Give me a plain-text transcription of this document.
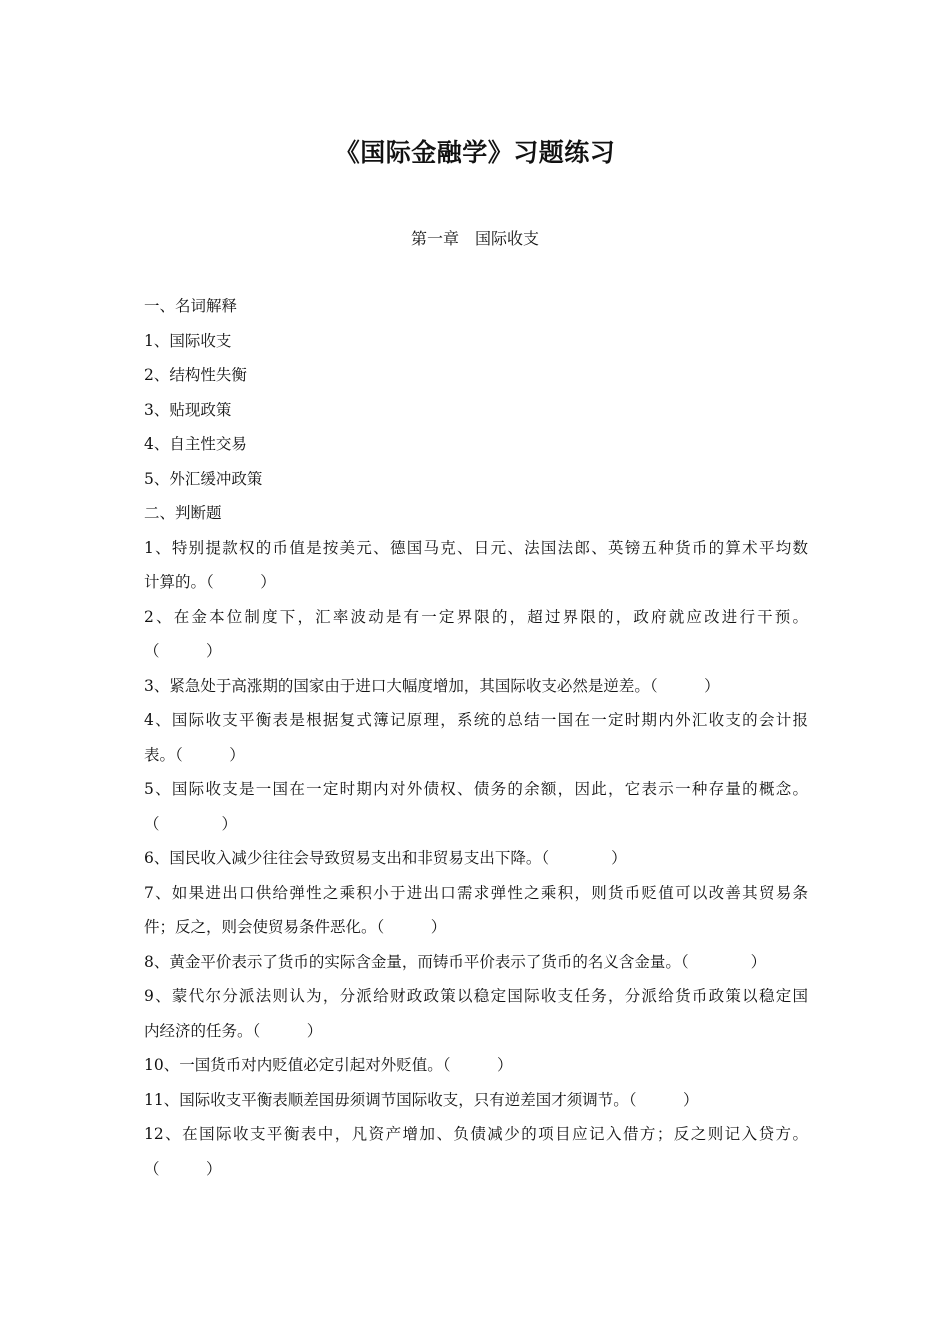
《国际金融学》习题练习
第一章　国际收支
一、名词解释
1、国际收支
2、结构性失衡
3、贴现政策
4、自主性交易
5、外汇缓冲政策
二、判断题
1、特别提款权的币值是按美元、德国马克、日元、法国法郎、英镑五种货币的算术平均数
计算的。（　　　）
2、在金本位制度下，汇率波动是有一定界限的，超过界限的，政府就应改进行干预。
（　　　）
3、紧急处于高涨期的国家由于进口大幅度增加，其国际收支必然是逆差。（　　　）
4、国际收支平衡表是根据复式簿记原理，系统的总结一国在一定时期内外汇收支的会计报
表。（　　　）
5、国际收支是一国在一定时期内对外债权、债务的余额，因此，它表示一种存量的概念。
（　　　　）
6、国民收入减少往往会导致贸易支出和非贸易支出下降。（　　　　）
7、如果进出口供给弹性之乘积小于进出口需求弹性之乘积，则货币贬值可以改善其贸易条
件；反之，则会使贸易条件恶化。（　　　）
8、黄金平价表示了货币的实际含金量，而铸币平价表示了货币的名义含金量。（　　　　）
9、蒙代尔分派法则认为，分派给财政政策以稳定国际收支任务，分派给货币政策以稳定国
内经济的任务。（　　　）
10、一国货币对内贬值必定引起对外贬值。（　　　）
11、国际收支平衡表顺差国毋须调节国际收支，只有逆差国才须调节。（　　　）
12、在国际收支平衡表中，凡资产增加、负债减少的项目应记入借方；反之则记入贷方。
（　　　）
